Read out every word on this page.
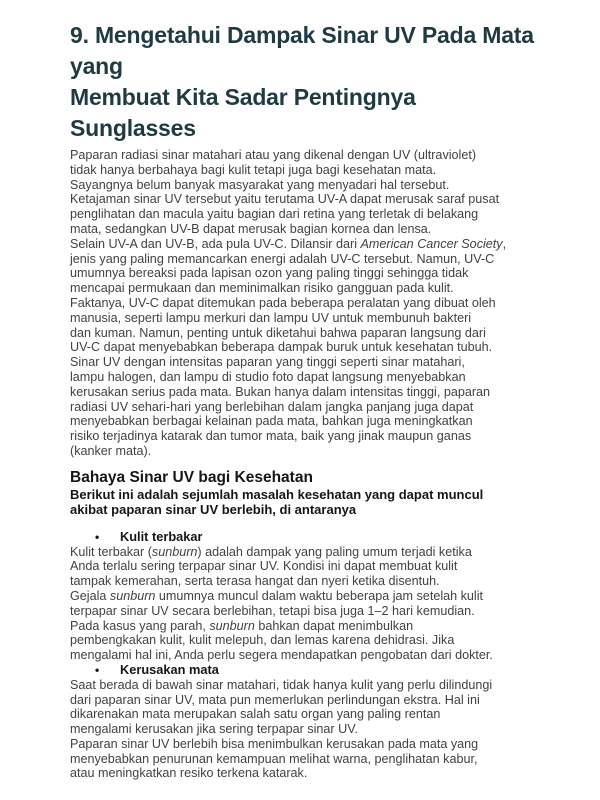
9. Mengetahui Dampak Sinar UV Pada Mata yang
Membuat Kita Sadar Pentingnya Sunglasses
Paparan radiasi sinar matahari atau yang dikenal dengan UV (ultraviolet)
tidak hanya berbahaya bagi kulit tetapi juga bagi kesehatan mata.
Sayangnya belum banyak masyarakat yang menyadari hal tersebut.
Ketajaman sinar UV tersebut yaitu terutama UV-A dapat merusak saraf pusat
penglihatan dan macula yaitu bagian dari retina yang terletak di belakang
mata, sedangkan UV-B dapat merusak bagian kornea dan lensa.
Selain UV-A dan UV-B, ada pula UV-C. Dilansir dari American Cancer Society,
jenis yang paling memancarkan energi adalah UV-C tersebut. Namun, UV-C
umumnya bereaksi pada lapisan ozon yang paling tinggi sehingga tidak
mencapai permukaan dan meminimalkan risiko gangguan pada kulit.
Faktanya, UV-C dapat ditemukan pada beberapa peralatan yang dibuat oleh
manusia, seperti lampu merkuri dan lampu UV untuk membunuh bakteri
dan kuman. Namun, penting untuk diketahui bahwa paparan langsung dari
UV-C dapat menyebabkan beberapa dampak buruk untuk kesehatan tubuh.
Sinar UV dengan intensitas paparan yang tinggi seperti sinar matahari,
lampu halogen, dan lampu di studio foto dapat langsung menyebabkan
kerusakan serius pada mata. Bukan hanya dalam intensitas tinggi, paparan
radiasi UV sehari-hari yang berlebihan dalam jangka panjang juga dapat
menyebabkan berbagai kelainan pada mata, bahkan juga meningkatkan
risiko terjadinya katarak dan tumor mata, baik yang jinak maupun ganas
(kanker mata).
Bahaya Sinar UV bagi Kesehatan
Berikut ini adalah sejumlah masalah kesehatan yang dapat muncul
akibat paparan sinar UV berlebih, di antaranya
• Kulit terbakar
Kulit terbakar (sunburn) adalah dampak yang paling umum terjadi ketika
Anda terlalu sering terpapar sinar UV. Kondisi ini dapat membuat kulit
tampak kemerahan, serta terasa hangat dan nyeri ketika disentuh.
Gejala sunburn umumnya muncul dalam waktu beberapa jam setelah kulit
terpapar sinar UV secara berlebihan, tetapi bisa juga 1–2 hari kemudian.
Pada kasus yang parah, sunburn bahkan dapat menimbulkan
pembengkakan kulit, kulit melepuh, dan lemas karena dehidrasi. Jika
mengalami hal ini, Anda perlu segera mendapatkan pengobatan dari dokter.
• Kerusakan mata
Saat berada di bawah sinar matahari, tidak hanya kulit yang perlu dilindungi
dari paparan sinar UV, mata pun memerlukan perlindungan ekstra. Hal ini
dikarenakan mata merupakan salah satu organ yang paling rentan
mengalami kerusakan jika sering terpapar sinar UV.
Paparan sinar UV berlebih bisa menimbulkan kerusakan pada mata yang
menyebabkan penurunan kemampuan melihat warna, penglihatan kabur,
atau meningkatkan resiko terkena katarak.
